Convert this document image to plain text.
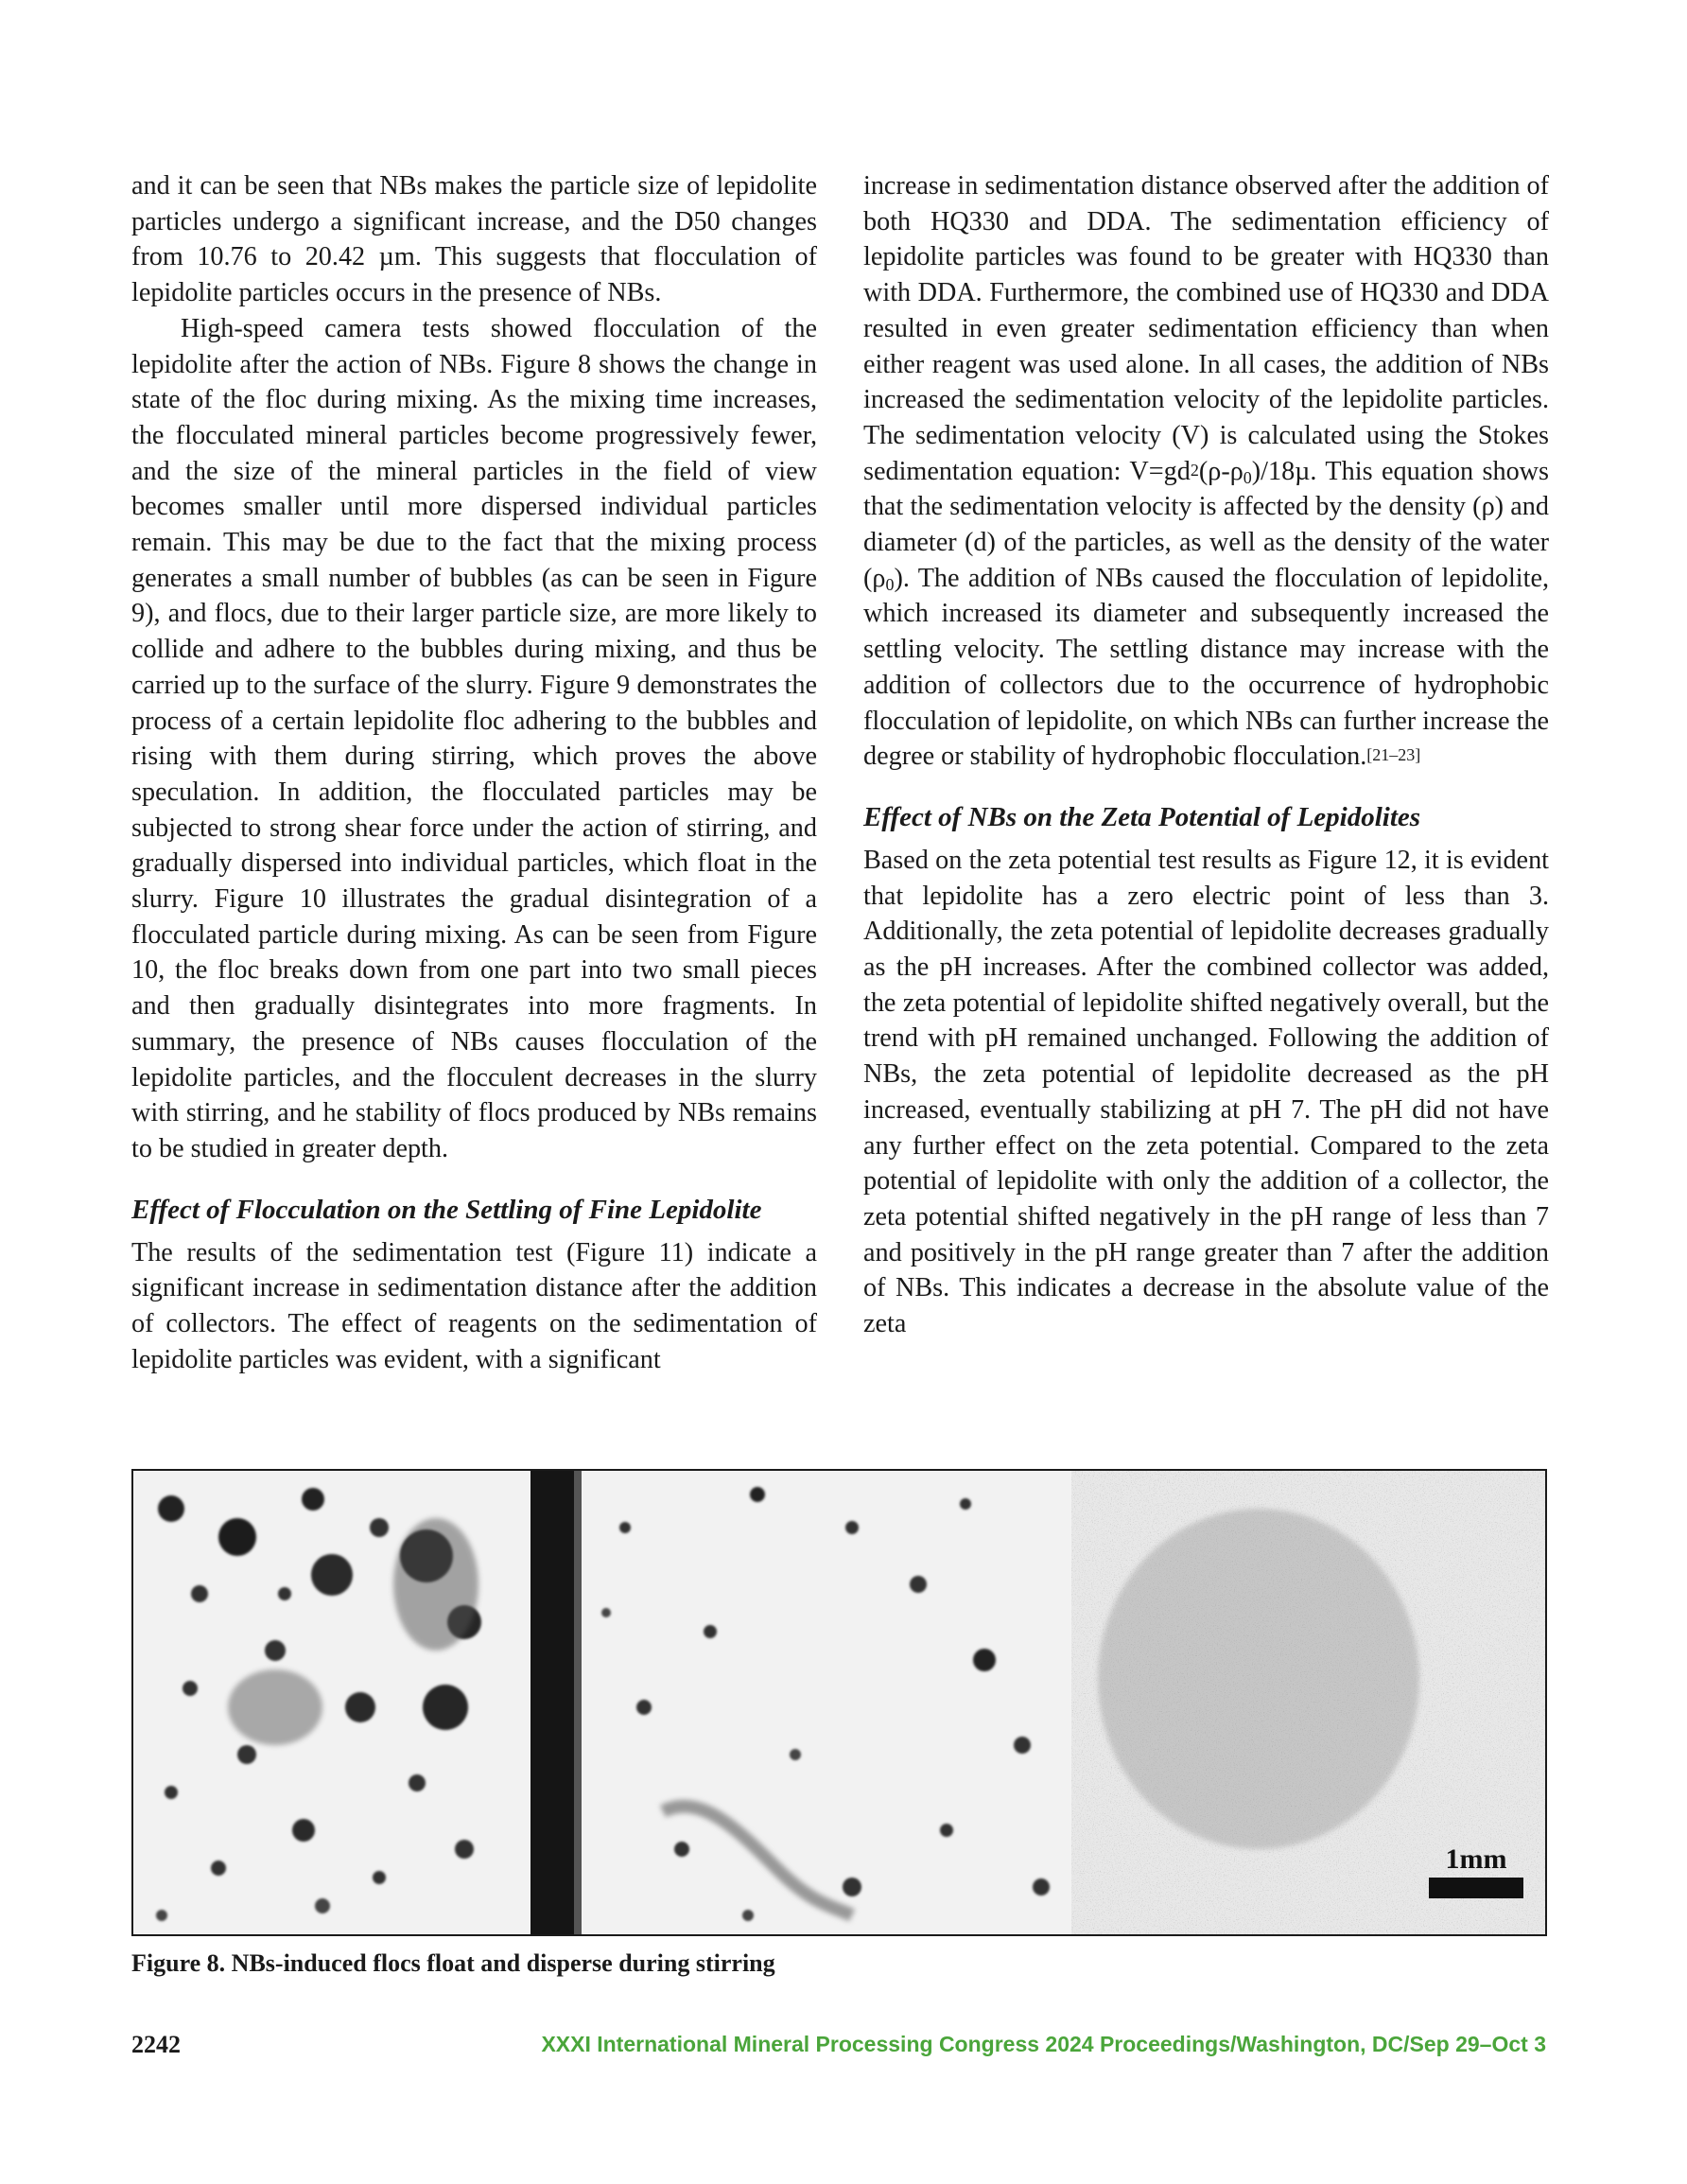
and it can be seen that NBs makes the particle size of lepidolite particles undergo a significant increase, and the D50 changes from 10.76 to 20.42 µm. This suggests that flocculation of lepidolite particles occurs in the presence of NBs.

High-speed camera tests showed flocculation of the lepidolite after the action of NBs. Figure 8 shows the change in state of the floc during mixing. As the mixing time increases, the flocculated mineral particles become progressively fewer, and the size of the mineral particles in the field of view becomes smaller until more dispersed individual particles remain. This may be due to the fact that the mixing process generates a small number of bubbles (as can be seen in Figure 9), and flocs, due to their larger particle size, are more likely to collide and adhere to the bubbles during mixing, and thus be carried up to the surface of the slurry. Figure 9 demonstrates the process of a certain lepidolite floc adhering to the bubbles and rising with them during stirring, which proves the above speculation. In addition, the flocculated particles may be subjected to strong shear force under the action of stirring, and gradually dispersed into individual particles, which float in the slurry. Figure 10 illustrates the gradual disintegration of a flocculated particle during mixing. As can be seen from Figure 10, the floc breaks down from one part into two small pieces and then gradually disintegrates into more fragments. In summary, the presence of NBs causes flocculation of the lepidolite particles, and the flocculent decreases in the slurry with stirring, and he stability of flocs produced by NBs remains to be studied in greater depth.

Effect of Flocculation on the Settling of Fine Lepidolite

The results of the sedimentation test (Figure 11) indicate a significant increase in sedimentation distance after the addition of collectors. The effect of reagents on the sedimentation of lepidolite particles was evident, with a significant

increase in sedimentation distance observed after the addition of both HQ330 and DDA. The sedimentation efficiency of lepidolite particles was found to be greater with HQ330 than with DDA. Furthermore, the combined use of HQ330 and DDA resulted in even greater sedimentation efficiency than when either reagent was used alone. In all cases, the addition of NBs increased the sedimentation velocity of the lepidolite particles. The sedimentation velocity (V) is calculated using the Stokes sedimentation equation: $V=gd^2(\rho-\rho_0)/18\mu$. This equation shows that the sedimentation velocity is affected by the density (ρ) and diameter (d) of the particles, as well as the density of the water $(\rho_0)$. The addition of NBs caused the flocculation of lepidolite, which increased its diameter and subsequently increased the settling velocity. The settling distance may increase with the addition of collectors due to the occurrence of hydrophobic flocculation of lepidolite, on which NBs can further increase the degree or stability of hydrophobic flocculation.[21–23]

Effect of NBs on the Zeta Potential of Lepidolites

Based on the zeta potential test results as Figure 12, it is evident that lepidolite has a zero electric point of less than 3. Additionally, the zeta potential of lepidolite decreases gradually as the pH increases. After the combined collector was added, the zeta potential of lepidolite shifted negatively overall, but the trend with pH remained unchanged. Following the addition of NBs, the zeta potential of lepidolite decreased as the pH increased, eventually stabilizing at pH 7. The pH did not have any further effect on the zeta potential. Compared to the zeta potential of lepidolite with only the addition of a collector, the zeta potential shifted negatively in the pH range of less than 7 and positively in the pH range greater than 7 after the addition of NBs. This indicates a decrease in the absolute value of the zeta

1mm
Figure 8. NBs-induced flocs float and disperse during stirring
2242	XXXI International Mineral Processing Congress 2024 Proceedings/Washington, DC/Sep 29–Oct 3
